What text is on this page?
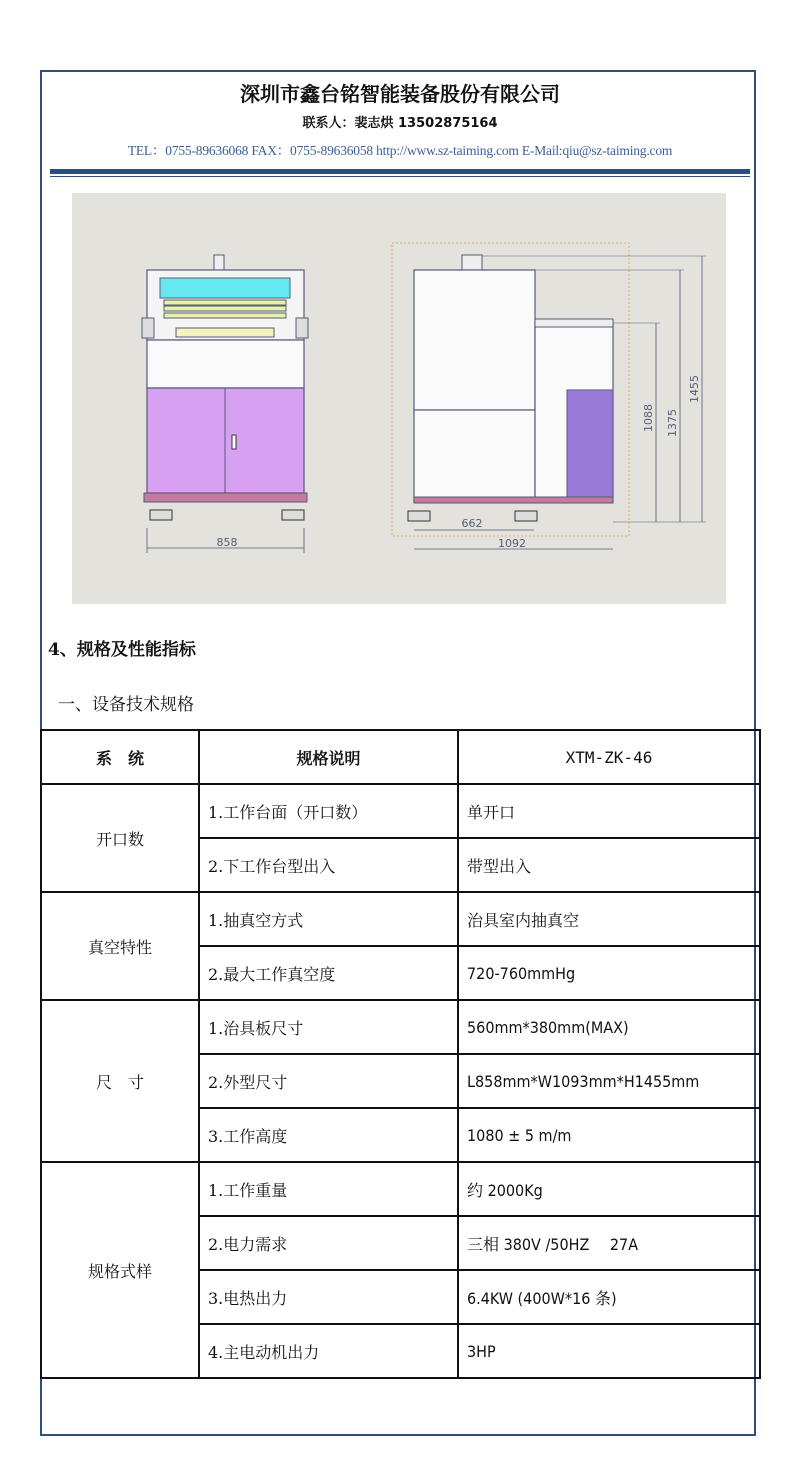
深圳市鑫台铭智能装备股份有限公司
联系人：裴志烘 13502875164
TEL：0755-89636068 FAX：0755-89636058 http://www.sz-taiming.com E-Mail:qiu@sz-taiming.com
858
662
1092
1088 1375
1455
4、规格及性能指标
一、设备技术规格
系　统	规格说明	XTM-ZK-46
开口数	1.工作台面（开口数）	单开口
	2.下工作台型出入	带型出入
真空特性	1.抽真空方式	治具室内抽真空
	2.最大工作真空度	720-760mmHg
尺　寸	1.治具板尺寸	560mm*380mm(MAX)
	2.外型尺寸	L858mm*W1093mm*H1455mm
	3.工作高度	1080 ± 5 m/m
规格式样	1.工作重量	约 2000Kg
	2.电力需求	三相 380V /50HZ　 27A
	3.电热出力	6.4KW (400W*16 条)
	4.主电动机出力	3HP
